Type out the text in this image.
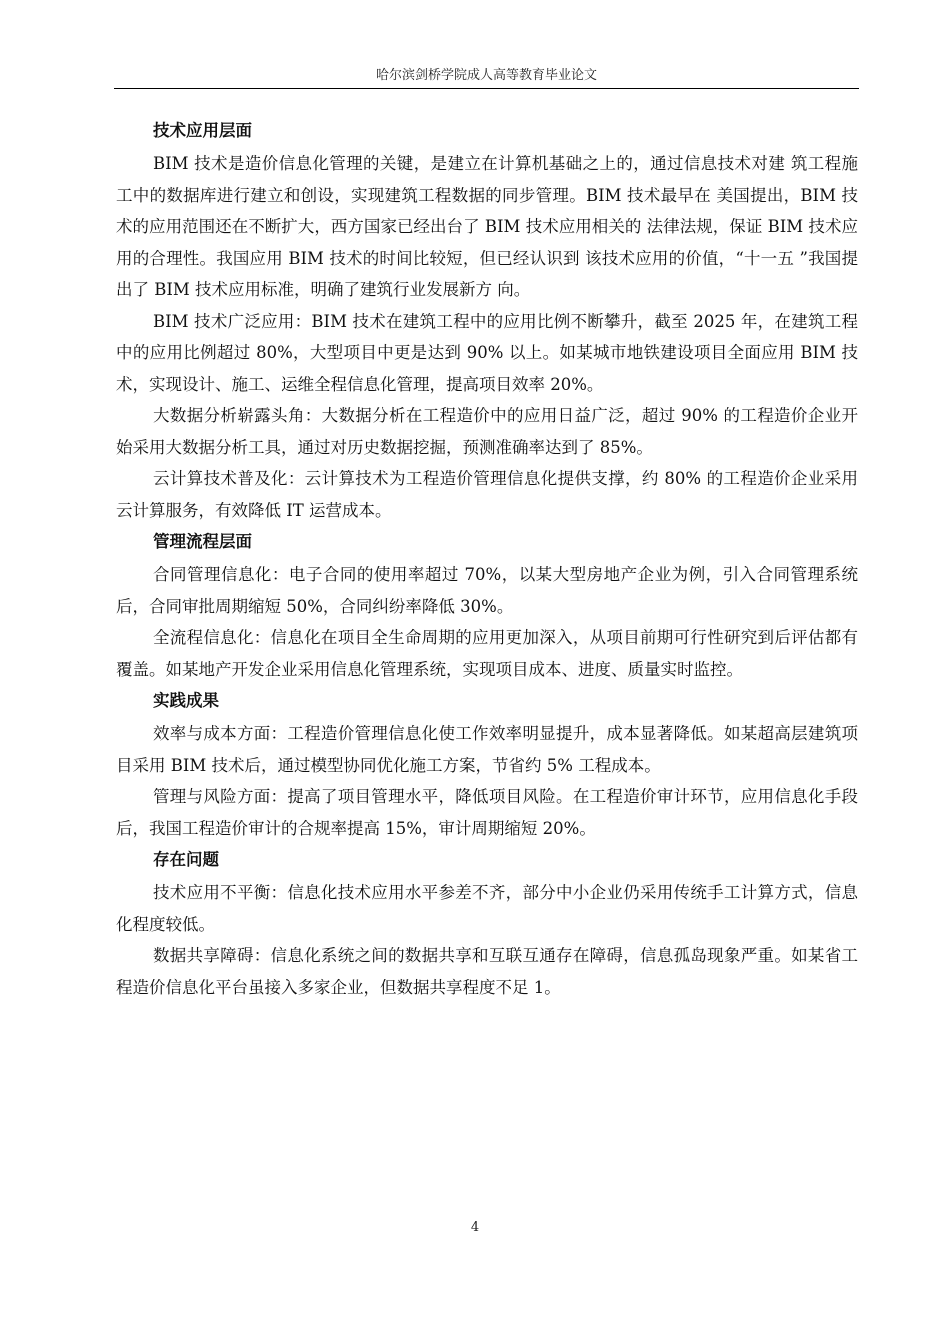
哈尔滨剑桥学院成人高等教育毕业论文
技术应用层面

BIM 技术是造价信息化管理的关键，是建立在计算机基础之上的，通过信息技术对建 筑工程施工中的数据库进行建立和创设，实现建筑工程数据的同步管理。BIM 技术最早在 美国提出，BIM 技术的应用范围还在不断扩大，西方国家已经出台了 BIM 技术应用相关的 法律法规，保证 BIM 技术应用的合理性。我国应用 BIM 技术的时间比较短，但已经认识到 该技术应用的价值，“十一五 ”我国提出了 BIM 技术应用标准，明确了建筑行业发展新方 向。

BIM 技术广泛应用：BIM 技术在建筑工程中的应用比例不断攀升，截至 2025 年，在建筑工程中的应用比例超过 80%，大型项目中更是达到 90% 以上。如某城市地铁建设项目全面应用 BIM 技术，实现设计、施工、运维全程信息化管理，提高项目效率 20%。

大数据分析崭露头角：大数据分析在工程造价中的应用日益广泛，超过 90% 的工程造价企业开始采用大数据分析工具，通过对历史数据挖掘，预测准确率达到了 85%。

云计算技术普及化：云计算技术为工程造价管理信息化提供支撑，约 80% 的工程造价企业采用云计算服务，有效降低 IT 运营成本。

管理流程层面

合同管理信息化：电子合同的使用率超过 70%，以某大型房地产企业为例，引入合同管理系统后，合同审批周期缩短 50%，合同纠纷率降低 30%。

全流程信息化：信息化在项目全生命周期的应用更加深入，从项目前期可行性研究到后评估都有覆盖。如某地产开发企业采用信息化管理系统，实现项目成本、进度、质量实时监控。

实践成果

效率与成本方面：工程造价管理信息化使工作效率明显提升，成本显著降低。如某超高层建筑项目采用 BIM 技术后，通过模型协同优化施工方案，节省约 5% 工程成本。

管理与风险方面：提高了项目管理水平，降低项目风险。在工程造价审计环节，应用信息化手段后，我国工程造价审计的合规率提高 15%，审计周期缩短 20%。

存在问题

技术应用不平衡：信息化技术应用水平参差不齐，部分中小企业仍采用传统手工计算方式，信息化程度较低。

数据共享障碍：信息化系统之间的数据共享和互联互通存在障碍，信息孤岛现象严重。如某省工程造价信息化平台虽接入多家企业，但数据共享程度不足 1。

4
